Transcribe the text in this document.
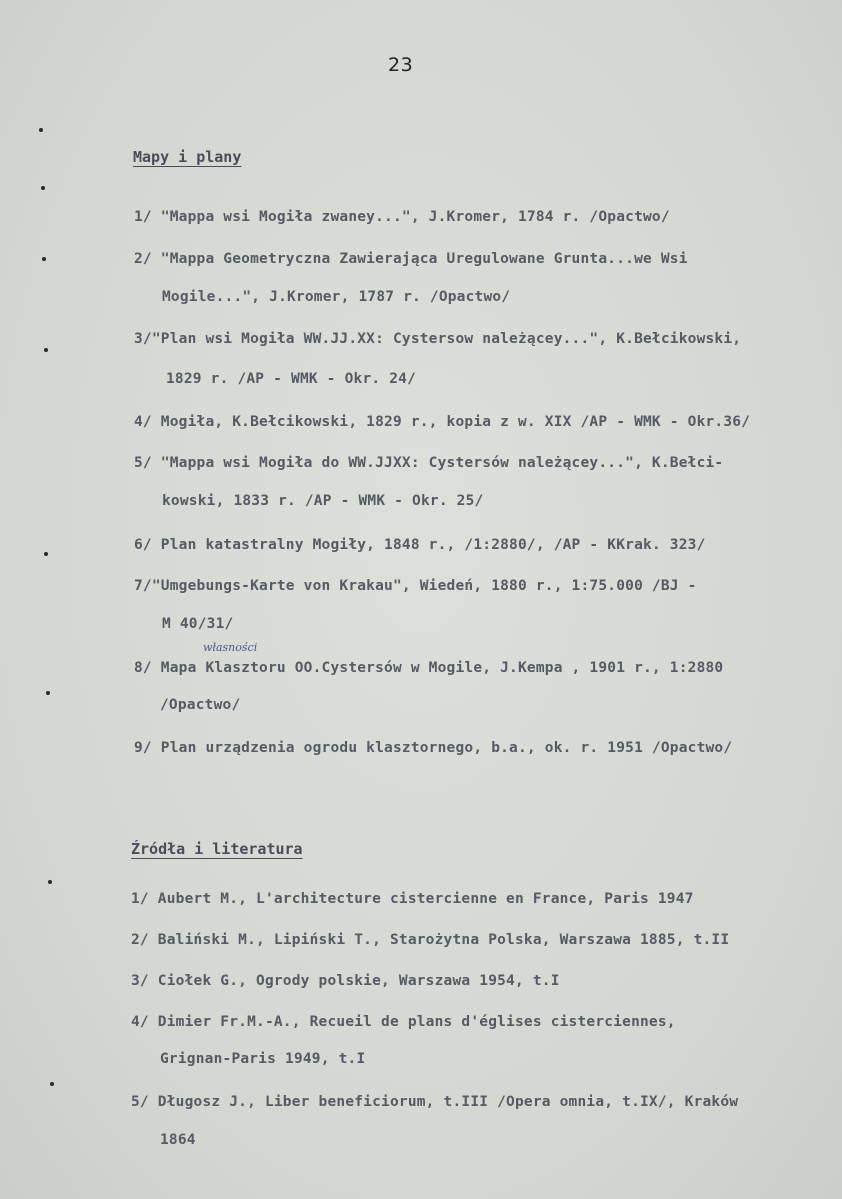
23
Mapy i plany
1/ "Mappa wsi Mogiła zwaney...", J.Kromer, 1784 r. /Opactwo/
2/ "Mappa Geometryczna Zawierająca Uregulowane Grunta...we Wsi
Mogile...", J.Kromer, 1787 r. /Opactwo/
3/"Plan wsi Mogiła WW.JJ.XX: Cystersow należącey...", K.Bełcikowski,
1829 r. /AP - WMK - Okr. 24/
4/ Mogiła, K.Bełcikowski, 1829 r., kopia z w. XIX /AP - WMK - Okr.36/
5/ "Mappa wsi Mogiła do WW.JJXX: Cystersów należącey...", K.Bełci-
kowski, 1833 r. /AP - WMK - Okr. 25/
6/ Plan katastralny Mogiły, 1848 r., /1:2880/, /AP - KKrak. 323/
7/"Umgebungs-Karte von Krakau", Wiedeń, 1880 r., 1:75.000 /BJ -
M 40/31/
własności
8/ Mapa Klasztoru OO.Cystersów w Mogile, J.Kempa , 1901 r., 1:2880
/Opactwo/
9/ Plan urządzenia ogrodu klasztornego, b.a., ok. r. 1951 /Opactwo/
Źródła i literatura
1/ Aubert M., L'architecture cistercienne en France, Paris 1947
2/ Baliński M., Lipiński T., Starożytna Polska, Warszawa 1885, t.II
3/ Ciołek G., Ogrody polskie, Warszawa 1954, t.I
4/ Dimier Fr.M.-A., Recueil de plans d'églises cisterciennes,
Grignan-Paris 1949, t.I
5/ Długosz J., Liber beneficiorum, t.III /Opera omnia, t.IX/, Kraków
1864
